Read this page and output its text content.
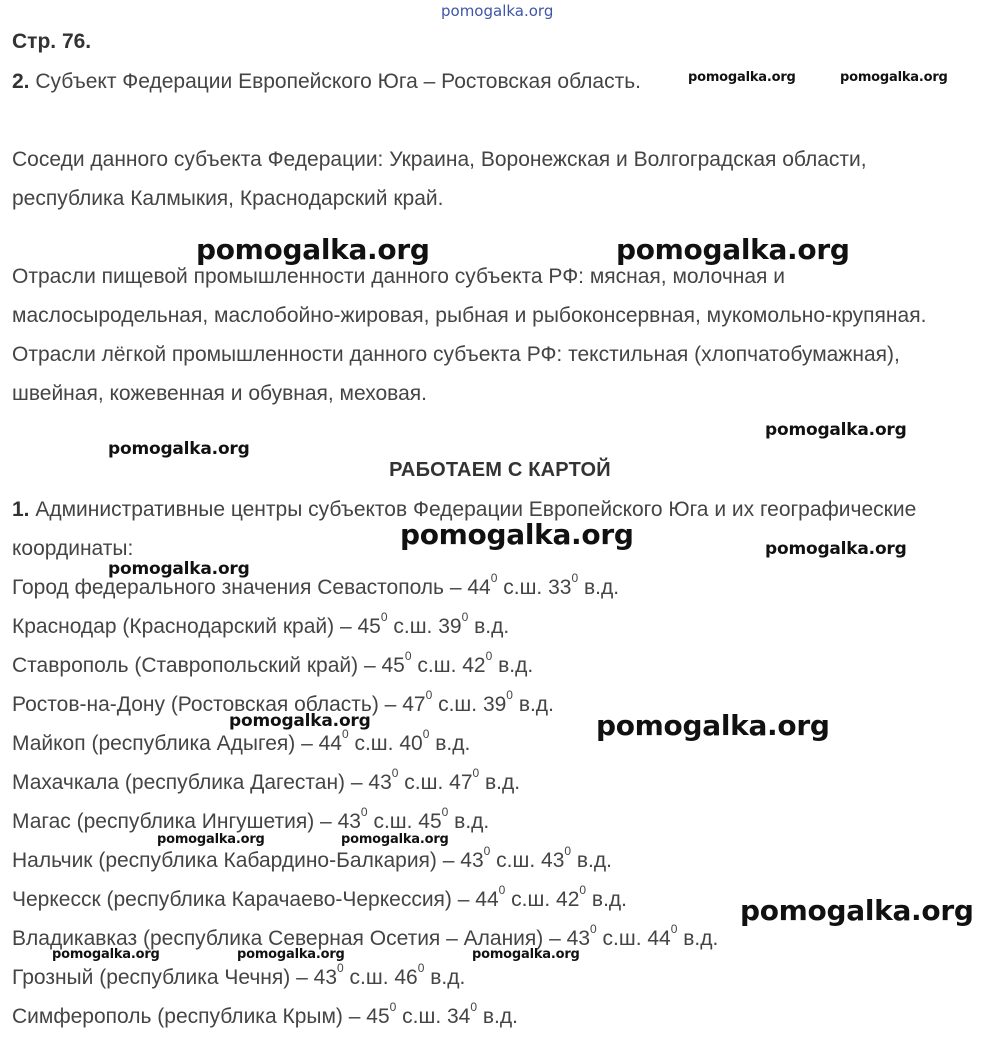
pomogalka.org
Стр. 76.
2. Субъект Федерации Европейского Юга – Ростовская область.
Соседи данного субъекта Федерации: Украина, Воронежская и Волгоградская области,
республика Калмыкия, Краснодарский край.
Отрасли пищевой промышленности данного субъекта РФ: мясная, молочная и
маслосыродельная, маслобойно-жировая, рыбная и рыбоконсервная, мукомольно-крупяная.
Отрасли лёгкой промышленности данного субъекта РФ: текстильная (хлопчатобумажная),
швейная, кожевенная и обувная, меховая.
РАБОТАЕМ С КАРТОЙ
1. Административные центры субъектов Федерации Европейского Юга и их географические
координаты:
Город федерального значения Севастополь – $44^0$ с.ш. $33^0$ в.д.
Краснодар (Краснодарский край) – $45^0$ с.ш. $39^0$ в.д.
Ставрополь (Ставропольский край) – $45^0$ с.ш. $42^0$ в.д.
Ростов-на-Дону (Ростовская область) – $47^0$ с.ш. $39^0$ в.д.
Майкоп (республика Адыгея) – $44^0$ с.ш. $40^0$ в.д.
Махачкала (республика Дагестан) – $43^0$ с.ш. $47^0$ в.д.
Магас (республика Ингушетия) – $43^0$ с.ш. $45^0$ в.д.
Нальчик (республика Кабардино-Балкария) – $43^0$ с.ш. $43^0$ в.д.
Черкесск (республика Карачаево-Черкессия) – $44^0$ с.ш. $42^0$ в.д.
Владикавказ (республика Северная Осетия – Алания) – $43^0$ с.ш. $44^0$ в.д.
Грозный (республика Чечня) – $43^0$ с.ш. $46^0$ в.д.
Симферополь (республика Крым) – $45^0$ с.ш. $34^0$ в.д.
pomogalka.org	pomogalka.org
pomogalka.org	pomogalka.org
pomogalka.org
pomogalka.org
pomogalka.org	pomogalka.org
pomogalka.org
pomogalka.org	pomogalka.org
pomogalka.org	pomogalka.org
pomogalka.org
pomogalka.org	pomogalka.org	pomogalka.org
